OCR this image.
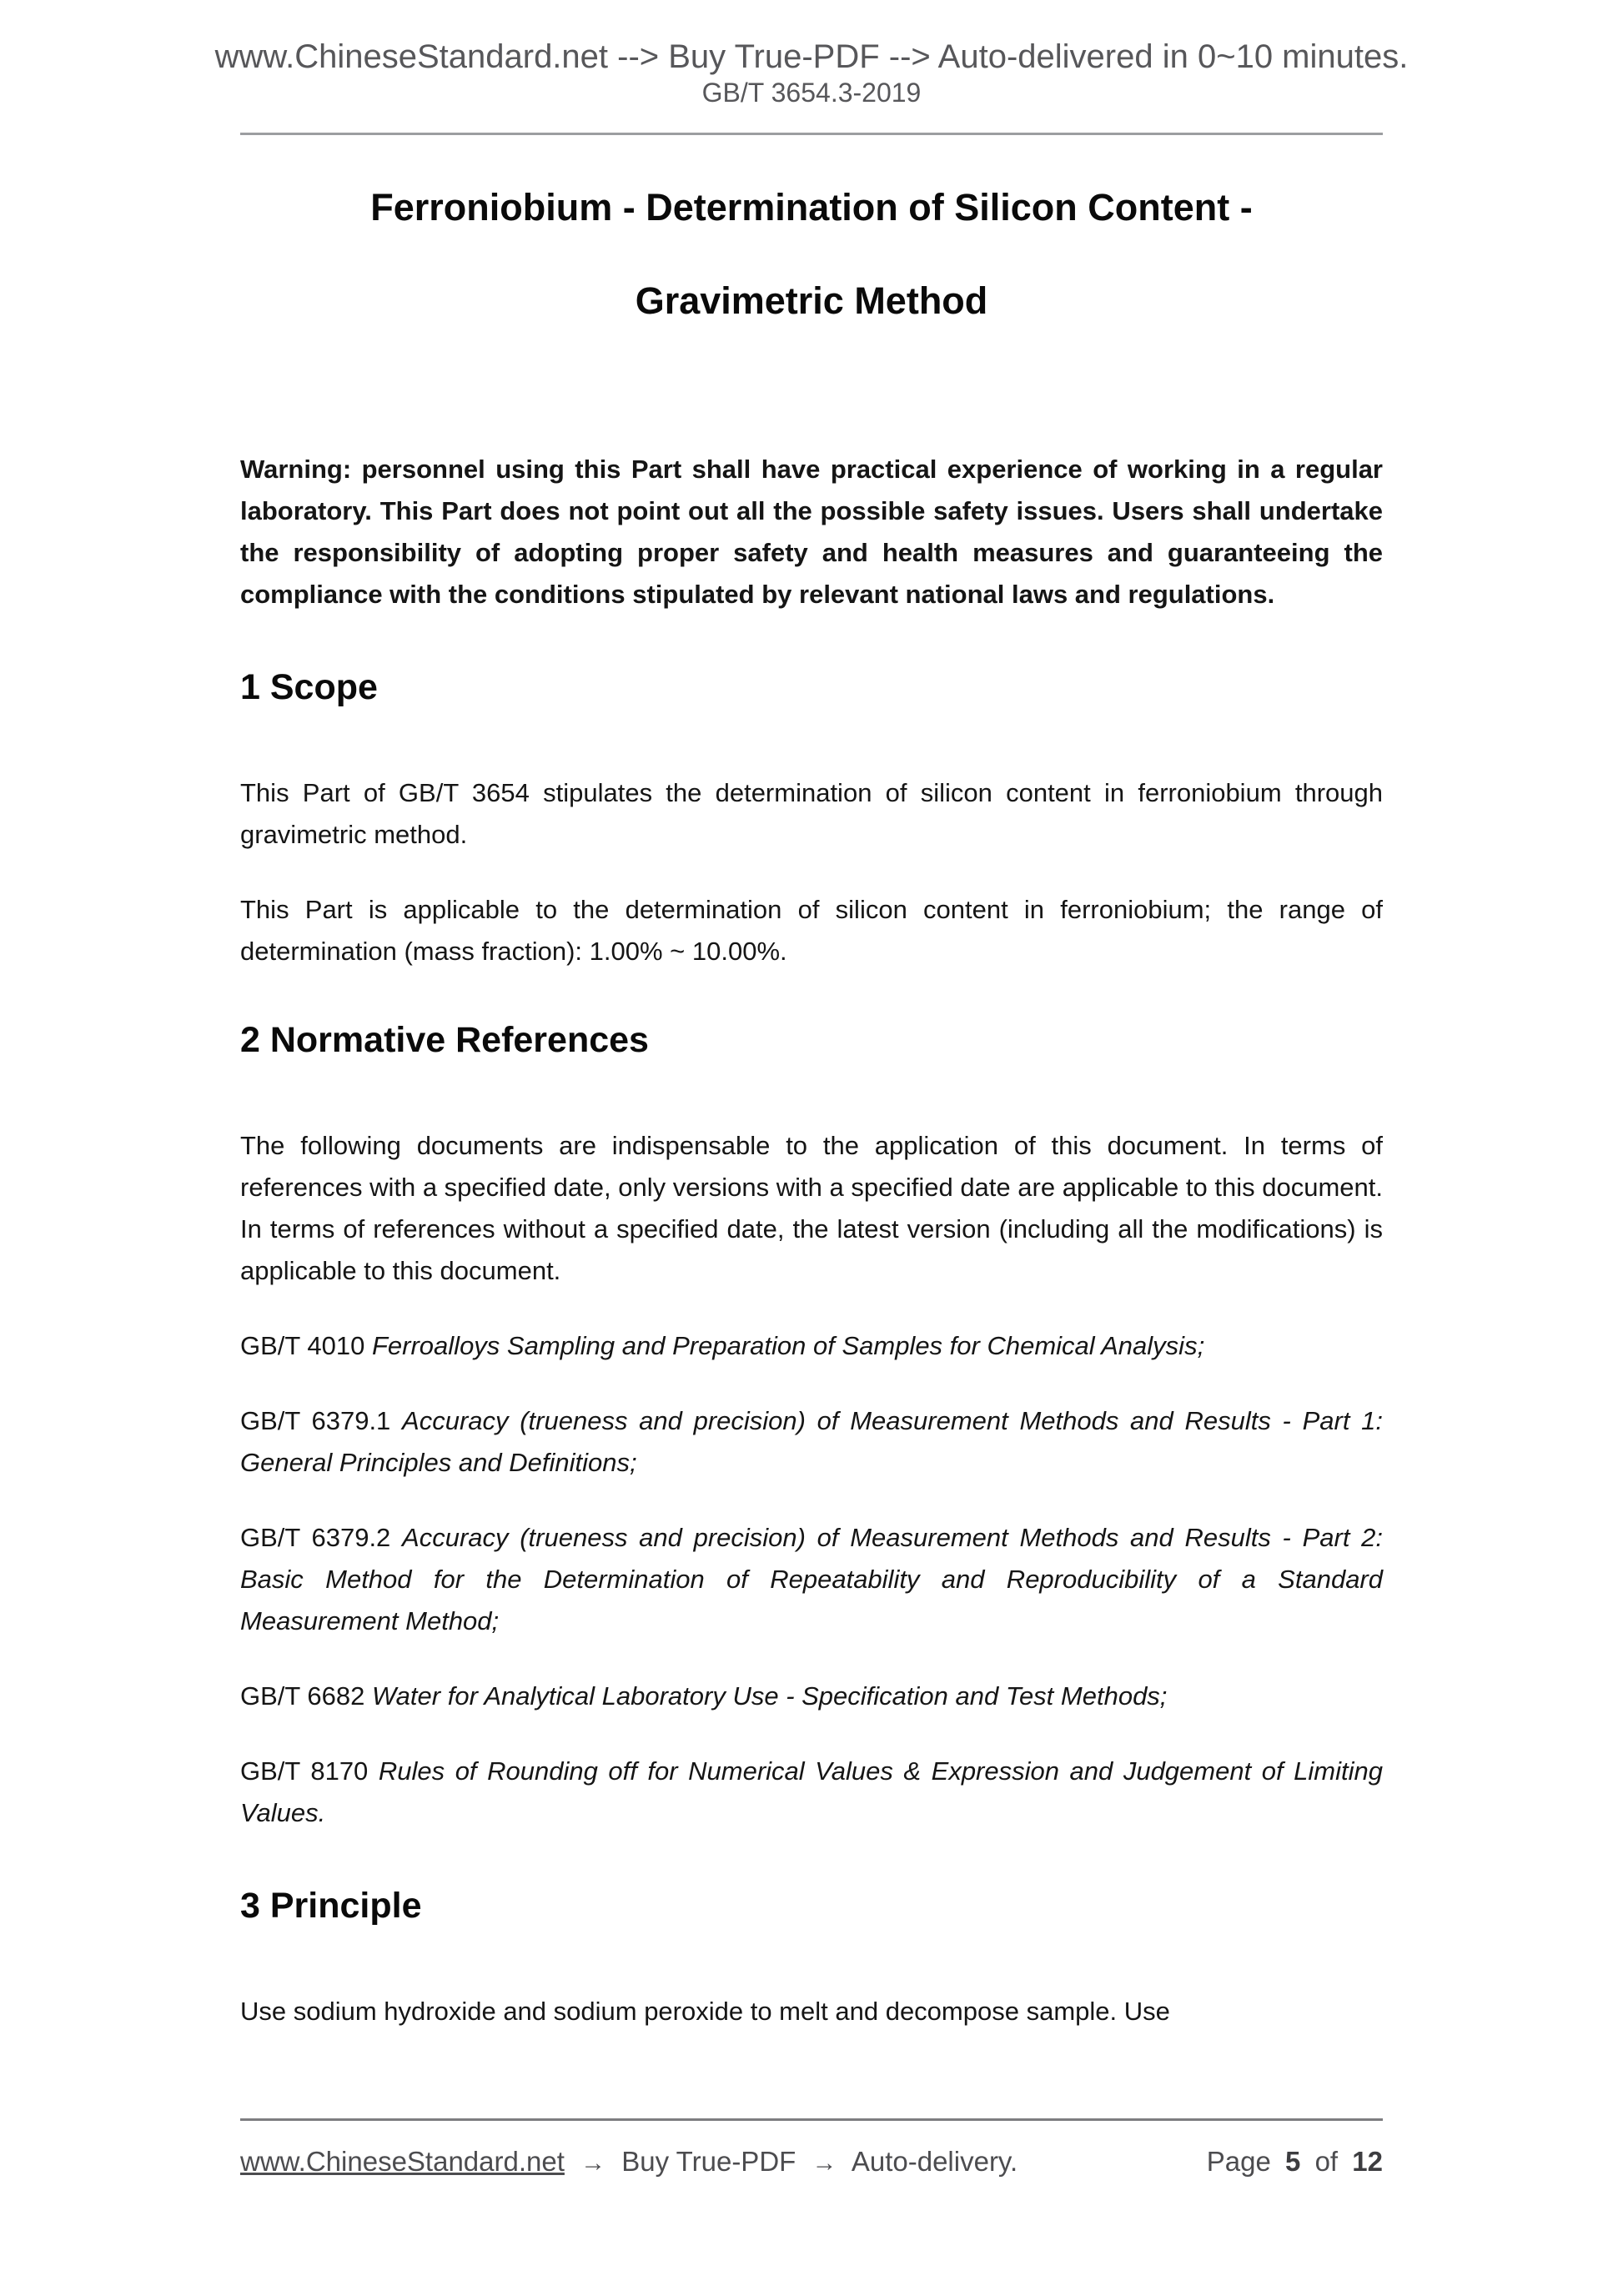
www.ChineseStandard.net --> Buy True-PDF --> Auto-delivered in 0~10 minutes.
GB/T 3654.3-2019
Ferroniobium - Determination of Silicon Content -
Gravimetric Method

Warning: personnel using this Part shall have practical experience of working in a regular laboratory. This Part does not point out all the possible safety issues. Users shall undertake the responsibility of adopting proper safety and health measures and guaranteeing the compliance with the conditions stipulated by relevant national laws and regulations.

1 Scope

This Part of GB/T 3654 stipulates the determination of silicon content in ferroniobium through gravimetric method.

This Part is applicable to the determination of silicon content in ferroniobium; the range of determination (mass fraction): 1.00% ~ 10.00%.

2 Normative References

The following documents are indispensable to the application of this document. In terms of references with a specified date, only versions with a specified date are applicable to this document. In terms of references without a specified date, the latest version (including all the modifications) is applicable to this document.

GB/T 4010 Ferroalloys Sampling and Preparation of Samples for Chemical Analysis;

GB/T 6379.1 Accuracy (trueness and precision) of Measurement Methods and Results - Part 1: General Principles and Definitions;

GB/T 6379.2 Accuracy (trueness and precision) of Measurement Methods and Results - Part 2: Basic Method for the Determination of Repeatability and Reproducibility of a Standard Measurement Method;

GB/T 6682 Water for Analytical Laboratory Use - Specification and Test Methods;

GB/T 8170 Rules of Rounding off for Numerical Values & Expression and Judgement of Limiting Values.

3 Principle

Use sodium hydroxide and sodium peroxide to melt and decompose sample. Use

www.ChineseStandard.net → Buy True-PDF → Auto-delivery.	Page 5 of 12
